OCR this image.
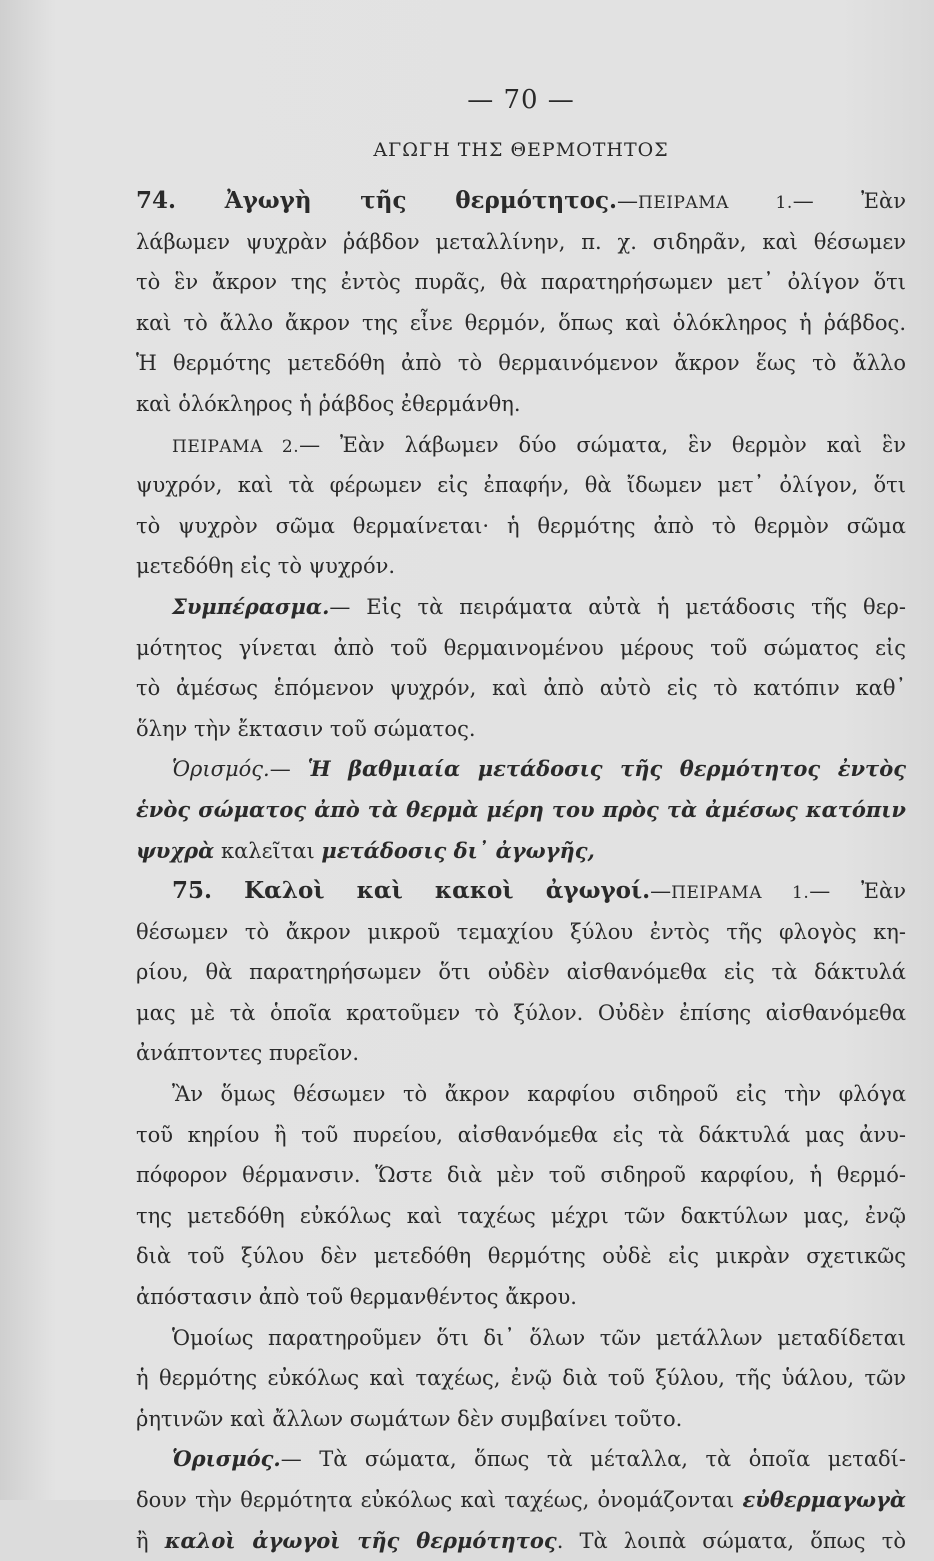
— 70 —
ΑΓΩΓΗ ΤΗΣ ΘΕΡΜΟΤΗΤΟΣ
74. Ἀγωγὴ τῆς θερμότητος.—ΠΕΙΡΑΜΑ 1.— Ἐὰν
λάβωμεν ψυχρὰν ῥάβδον μεταλλίνην, π. χ. σιδηρᾶν, καὶ θέσωμεν
τὸ ἓν ἄκρον της ἐντὸς πυρᾶς, θὰ παρατηρήσωμεν μετ᾽ ὀλίγον ὅτι
καὶ τὸ ἄλλο ἄκρον της εἶνε θερμόν, ὅπως καὶ ὁλόκληρος ἡ ῥάβδος.
Ἡ θερμότης μετεδόθη ἀπὸ τὸ θερμαινόμενον ἄκρον ἕως τὸ ἄλλο
καὶ ὁλόκληρος ἡ ῥάβδος ἐθερμάνθη.
ΠΕΙΡΑΜΑ 2.— Ἐὰν λάβωμεν δύο σώματα, ἓν θερμὸν καὶ ἓν
ψυχρόν, καὶ τὰ φέρωμεν εἰς ἐπαφήν, θὰ ἴδωμεν μετ᾽ ὀλίγον, ὅτι
τὸ ψυχρὸν σῶμα θερμαίνεται· ἡ θερμότης ἀπὸ τὸ θερμὸν σῶμα
μετεδόθη εἰς τὸ ψυχρόν.
Συμπέρασμα.— Εἰς τὰ πειράματα αὐτὰ ἡ μετάδοσις τῆς θερ-
μότητος γίνεται ἀπὸ τοῦ θερμαινομένου μέρους τοῦ σώματος εἰς
τὸ ἀμέσως ἑπόμενον ψυχρόν, καὶ ἀπὸ αὐτὸ εἰς τὸ κατόπιν καθ᾽
ὅλην τὴν ἔκτασιν τοῦ σώματος.
Ὁρισμός.— Ἡ βαθμιαία μετάδοσις τῆς θερμότητος ἐντὸς
ἑνὸς σώματος ἀπὸ τὰ θερμὰ μέρη του πρὸς τὰ ἀμέσως κατόπιν
ψυχρὰ καλεῖται μετάδοσις δι᾽ ἀγωγῆς,
75. Καλοὶ καὶ κακοὶ ἀγωγοί.—ΠΕΙΡΑΜΑ 1.— Ἐὰν
θέσωμεν τὸ ἄκρον μικροῦ τεμαχίου ξύλου ἐντὸς τῆς φλογὸς κη-
ρίου, θὰ παρατηρήσωμεν ὅτι οὐδὲν αἰσθανόμεθα εἰς τὰ δάκτυλά
μας μὲ τὰ ὁποῖα κρατοῦμεν τὸ ξύλον. Οὐδὲν ἐπίσης αἰσθανόμεθα
ἀνάπτοντες πυρεῖον.
Ἂν ὅμως θέσωμεν τὸ ἄκρον καρφίου σιδηροῦ εἰς τὴν φλόγα
τοῦ κηρίου ἢ τοῦ πυρείου, αἰσθανόμεθα εἰς τὰ δάκτυλά μας ἀνυ-
πόφορον θέρμανσιν. Ὥστε διὰ μὲν τοῦ σιδηροῦ καρφίου, ἡ θερμό-
της μετεδόθη εὐκόλως καὶ ταχέως μέχρι τῶν δακτύλων μας, ἐνῷ
διὰ τοῦ ξύλου δὲν μετεδόθη θερμότης οὐδὲ εἰς μικρὰν σχετικῶς
ἀπόστασιν ἀπὸ τοῦ θερμανθέντος ἄκρου.
Ὁμοίως παρατηροῦμεν ὅτι δι᾽ ὅλων τῶν μετάλλων μεταδίδεται
ἡ θερμότης εὐκόλως καὶ ταχέως, ἐνῷ διὰ τοῦ ξύλου, τῆς ὑάλου, τῶν
ῥητινῶν καὶ ἄλλων σωμάτων δὲν συμβαίνει τοῦτο.
Ὁρισμός.— Τὰ σώματα, ὅπως τὰ μέταλλα, τὰ ὁποῖα μεταδί-
δουν τὴν θερμότητα εὐκόλως καὶ ταχέως, ὀνομάζονται εὐθερμαγωγὰ
ἢ καλοὶ ἀγωγοὶ τῆς θερμότητος. Τὰ λοιπὰ σώματα, ὅπως τὸ
